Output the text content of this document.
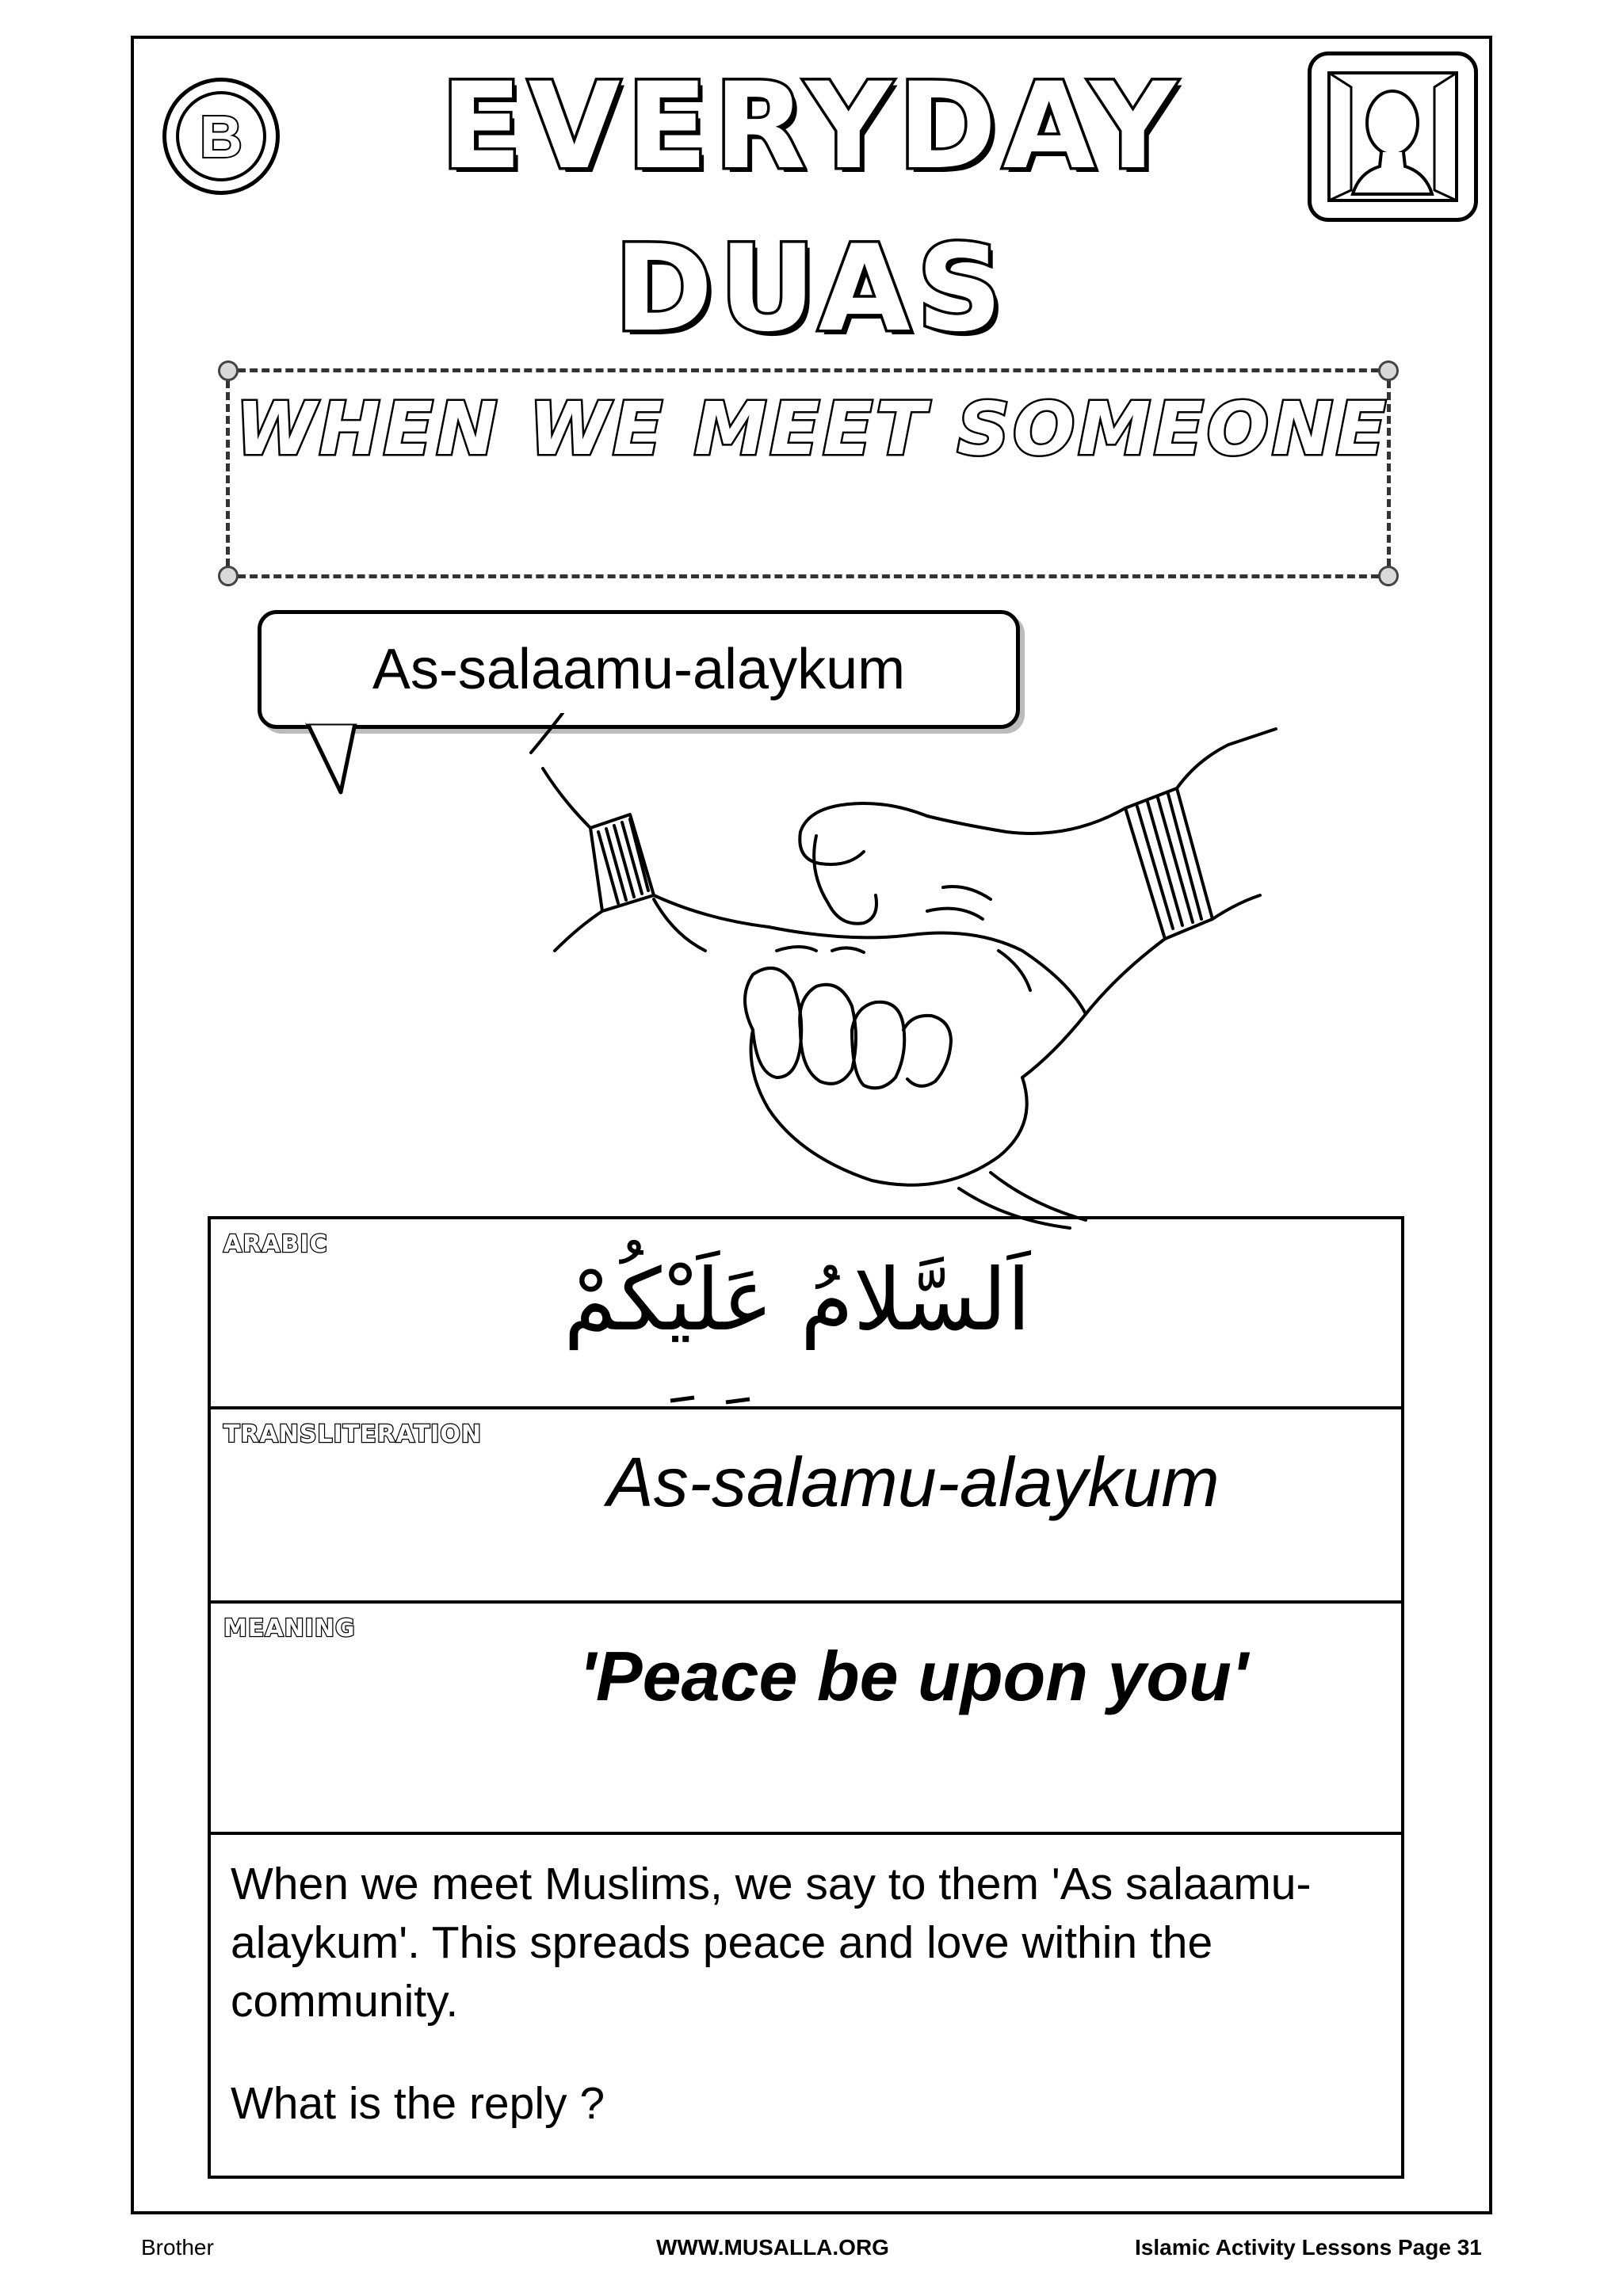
B	EVERYDAY
DUAS
WHEN WE MEET SOMEONE
As-salaamu-alaykum
ARABIC
اَلسَّلامُ عَلَيْكُمْ
TRANSLITERATION
As-salamu-alaykum
MEANING
'Peace be upon you'
When we meet Muslims, we say to them 'As salaamu-alaykum'. This spreads peace and love within the community.
What is the reply ?
Brother	WWW.MUSALLA.ORG	Islamic Activity Lessons Page 31
